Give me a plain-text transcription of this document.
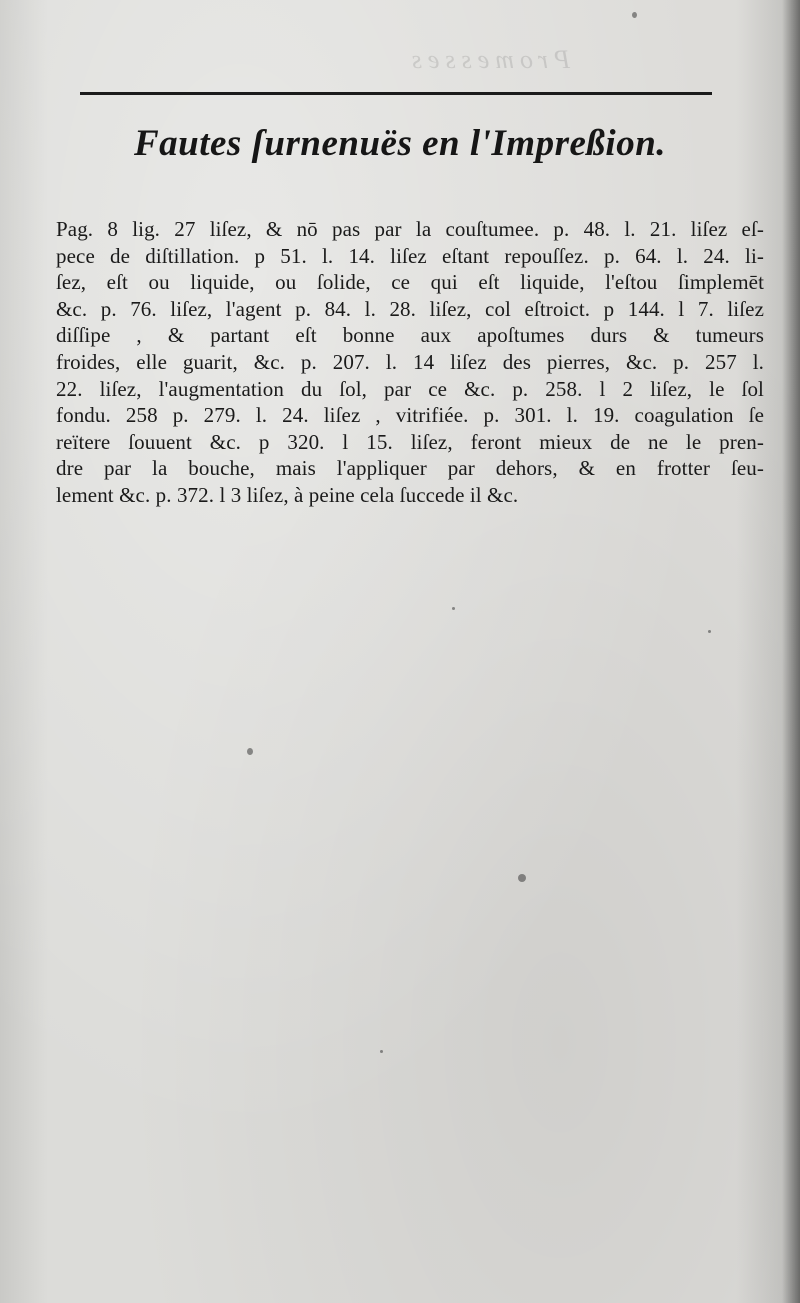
Promesses
Fautes ſurnenuës en l'Impreßion.
Pag. 8 lig. 27 liſez, & nō pas par la couſtumee. p. 48. l. 21. liſez eſ-
pece de diſtillation. p 51. l. 14. liſez eſtant repouſſez. p. 64. l. 24. li-
ſez, eſt ou liquide, ou ſolide, ce qui eſt liquide, l'eſtou ſimplemēt
&c. p. 76. liſez, l'agent p. 84. l. 28. liſez, col eſtroict. p 144. l 7. liſez
diſſipe , & partant eſt bonne aux apoſtumes durs & tumeurs
froides, elle guarit, &c. p. 207. l. 14 liſez des pierres, &c. p. 257 l.
22. liſez, l'augmentation du ſol, par ce &c. p. 258. l 2 liſez, le ſol
fondu. 258 p. 279. l. 24. liſez , vitrifiée. p. 301. l. 19. coagulation ſe
reïtere ſouuent &c. p 320. l 15. liſez, feront mieux de ne le pren-
dre par la bouche, mais l'appliquer par dehors, & en frotter ſeu-
lement &c. p. 372. l 3 liſez, à peine cela ſuccede il &c.
